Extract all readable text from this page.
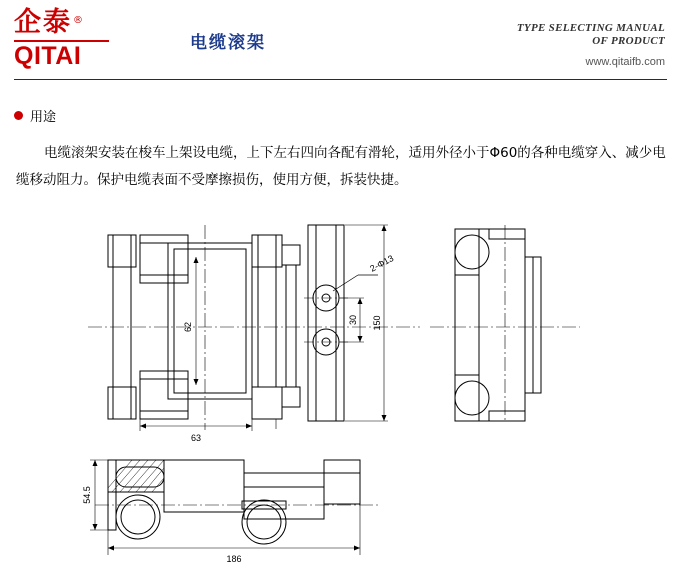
企泰 ®
QITAI	电缆滚架
TYPE SELECTING MANUAL
OF PRODUCT
www.qitaifb.com
用途
电缆滚架安装在梭车上架设电缆，上下左右四向各配有滑轮，适用外径小于Φ60的各种电缆穿入、减少电缆移动阻力。保护电缆表面不受摩擦损伤，使用方便，拆装快捷。
62
63
30 150
2-Φ13
54.5
186
